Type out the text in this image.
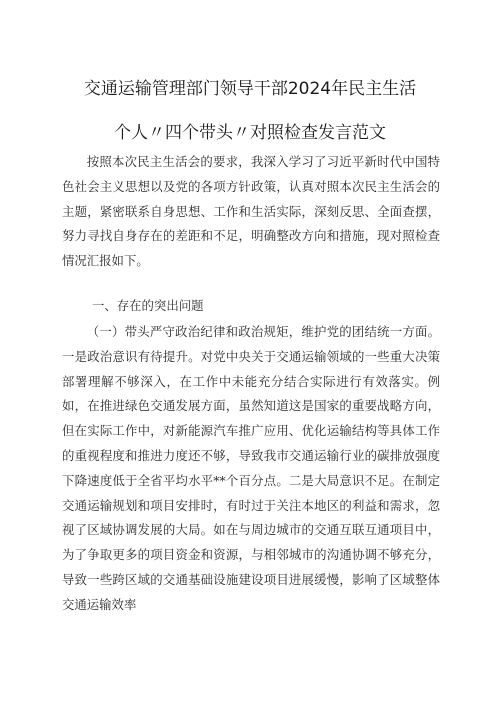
交通运输管理部门领导干部2024年民主生活
个人〃四个带头〃对照检查发言范文

按照本次民主生活会的要求，我深入学习了习近平新时代中国特色社会主义思想以及党的各项方针政策，认真对照本次民主生活会的主题，紧密联系自身思想、工作和生活实际，深刻反思、全面查摆，努力寻找自身存在的差距和不足，明确整改方向和措施，现对照检查情况汇报如下。

一、存在的突出问题

（一）带头严守政治纪律和政治规矩，维护党的团结统一方面。一是政治意识有待提升。对党中央关于交通运输领域的一些重大决策部署理解不够深入，在工作中未能充分结合实际进行有效落实。例如，在推进绿色交通发展方面，虽然知道这是国家的重要战略方向，但在实际工作中，对新能源汽车推广应用、优化运输结构等具体工作的重视程度和推进力度还不够，导致我市交通运输行业的碳排放强度下降速度低于全省平均水平**个百分点。二是大局意识不足。在制定交通运输规划和项目安排时，有时过于关注本地区的利益和需求，忽视了区域协调发展的大局。如在与周边城市的交通互联互通项目中，为了争取更多的项目资金和资源，与相邻城市的沟通协调不够充分，导致一些跨区域的交通基础设施建设项目进展缓慢，影响了区域整体交通运输效率
